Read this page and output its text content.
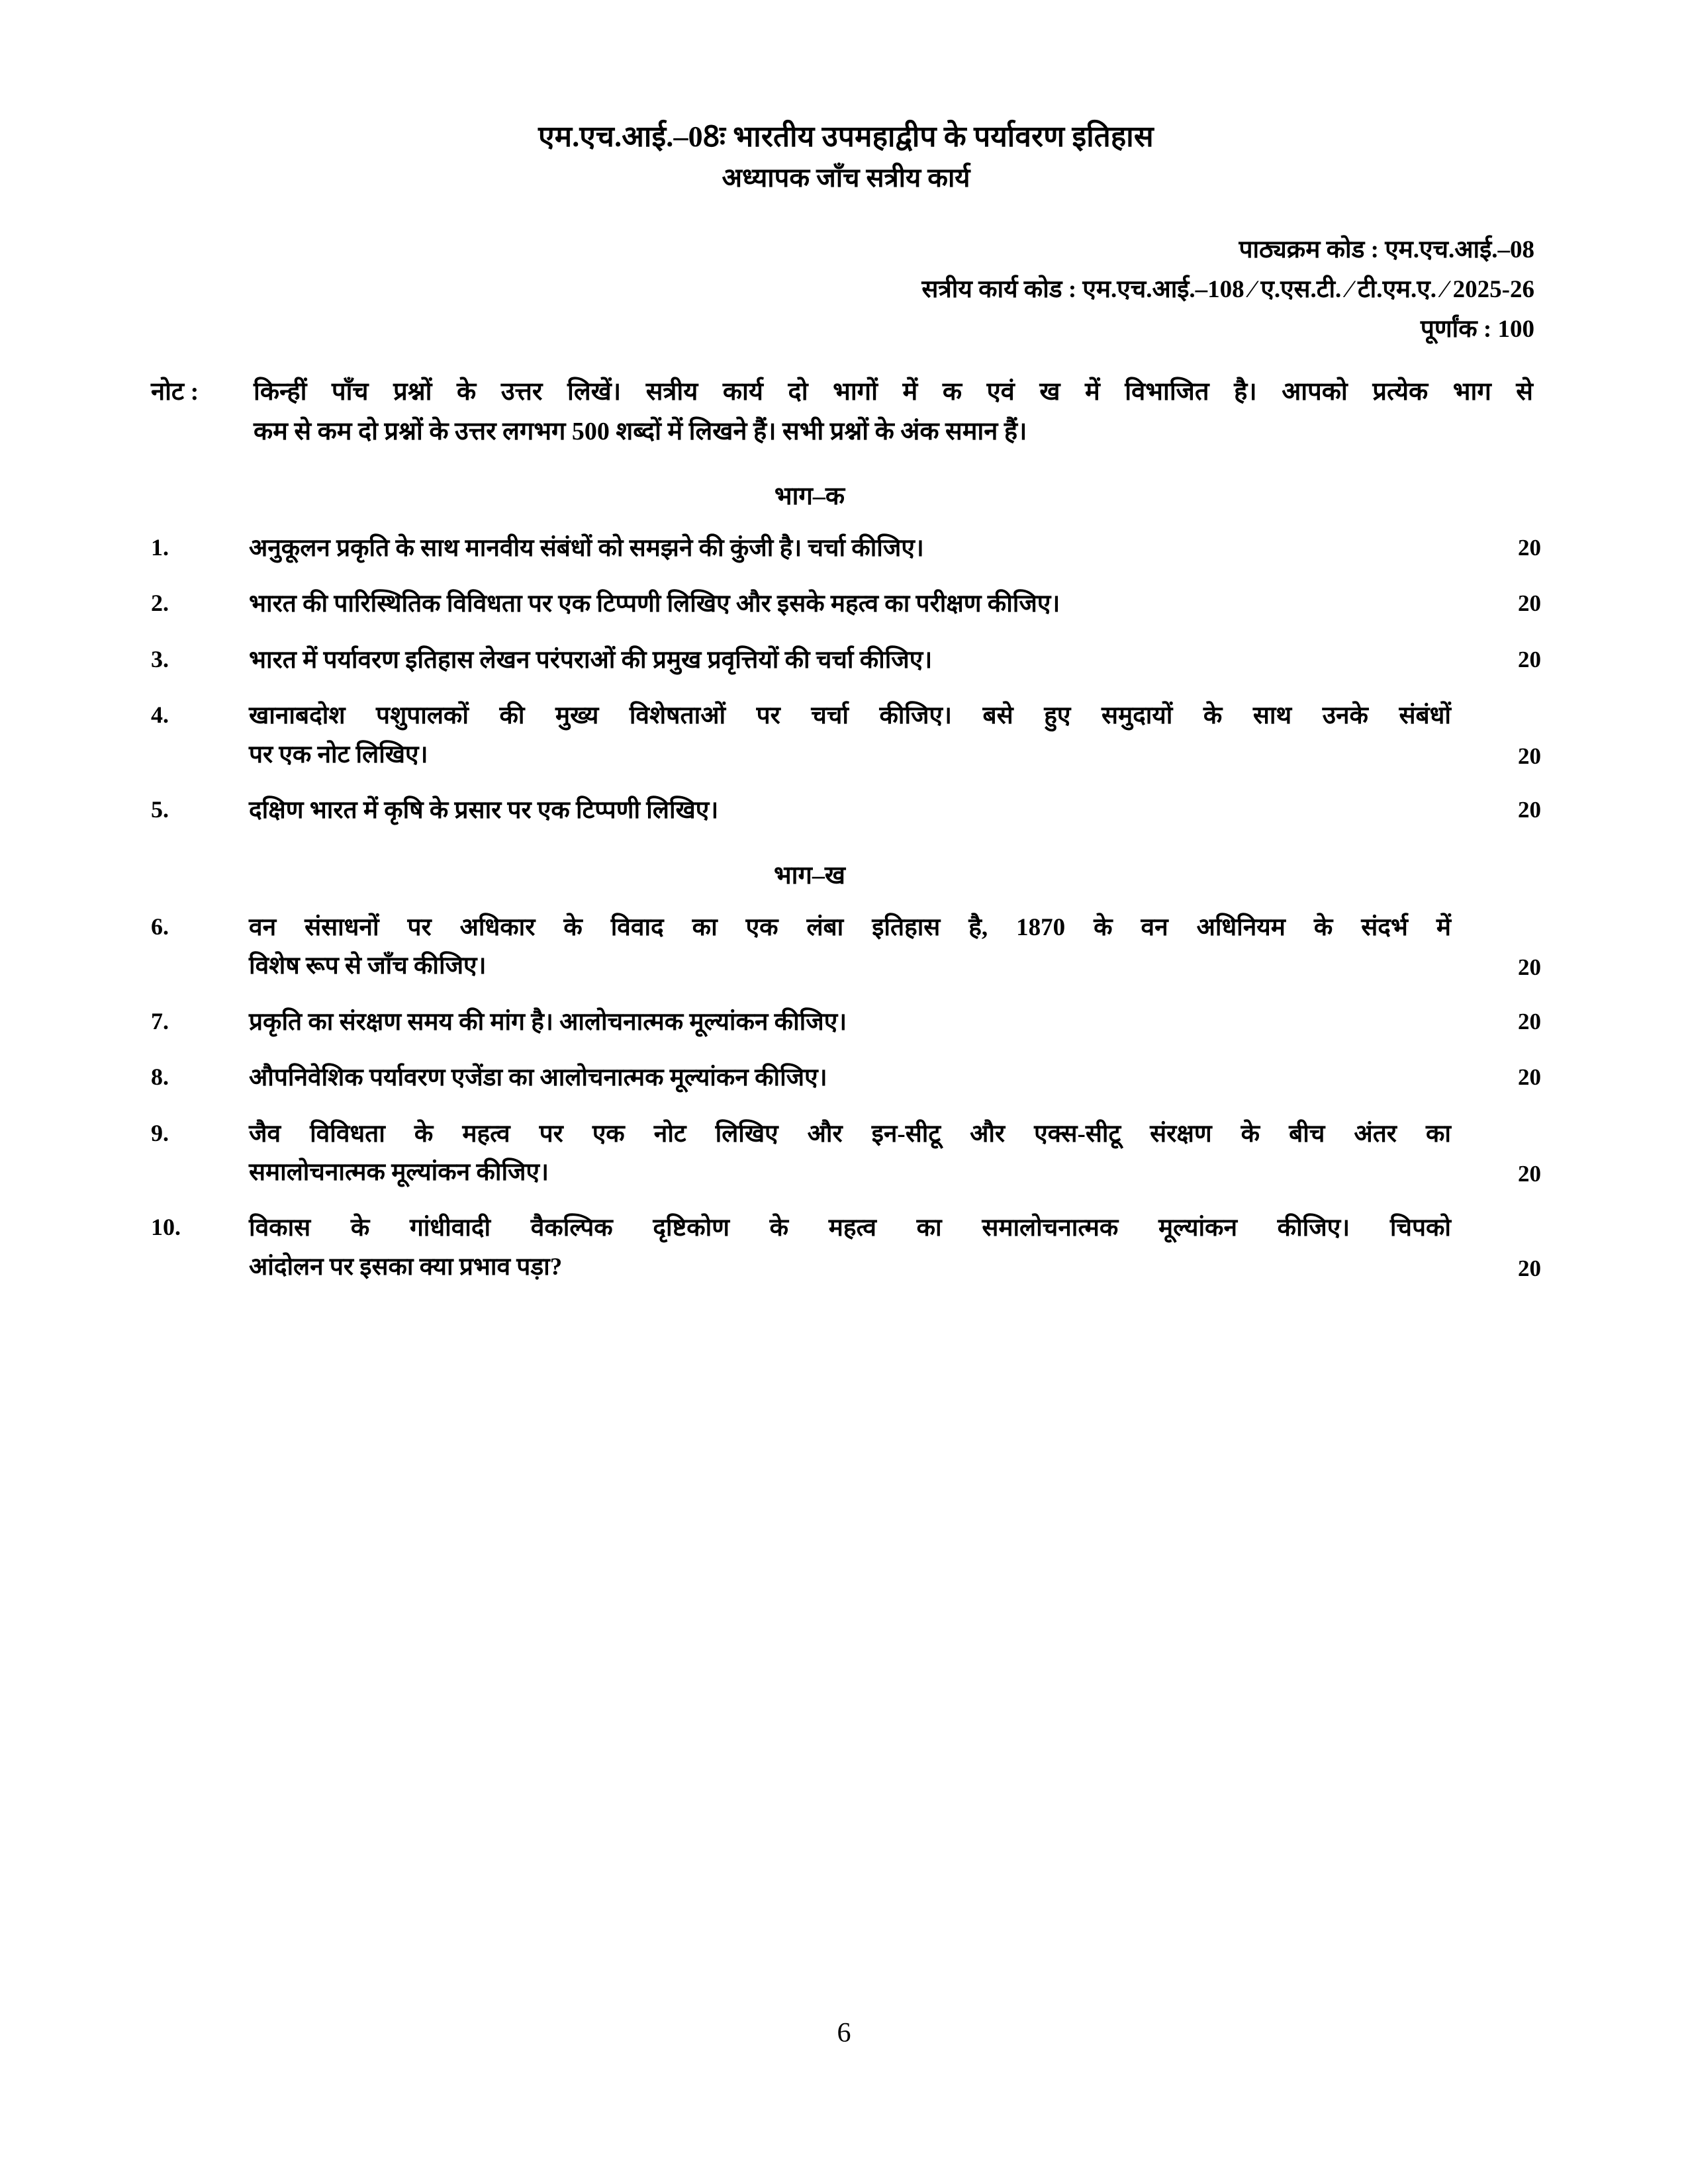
एम.एच.आई.–08ः भारतीय उपमहाद्वीप के पर्यावरण इतिहास
अध्यापक जाँच सत्रीय कार्य
पाठ्यक्रम कोड : एम.एच.आई.–08
सत्रीय कार्य कोड : एम.एच.आई.–108 ⁄ ए.एस.टी. ⁄ टी.एम.ए. ⁄ 2025-26
पूर्णांक : 100
नोट :	किन्हीं पाँच प्रश्नों के उत्तर लिखें। सत्रीय कार्य दो भागों में क एवं ख में विभाजित है। आपको प्रत्येक भाग से
कम से कम दो प्रश्नों के उत्तर लगभग 500 शब्दों में लिखने हैं। सभी प्रश्नों के अंक समान हैं।
भाग–क
1.	अनुकूलन प्रकृति के साथ मानवीय संबंधों को समझने की कुंजी है। चर्चा कीजिए।	20
2.	भारत की पारिस्थितिक विविधता पर एक टिप्पणी लिखिए और इसके महत्व का परीक्षण कीजिए।	20
3.	भारत में पर्यावरण इतिहास लेखन परंपराओं की प्रमुख प्रवृत्तियों की चर्चा कीजिए।	20
4.	खानाबदोश पशुपालकों की मुख्य विशेषताओं पर चर्चा कीजिए। बसे हुए समुदायों के साथ उनके संबंधों
पर एक नोट लिखिए।	20
5.	दक्षिण भारत में कृषि के प्रसार पर एक टिप्पणी लिखिए।	20
भाग–ख
6.	वन संसाधनों पर अधिकार के विवाद का एक लंबा इतिहास है, 1870 के वन अधिनियम के संदर्भ में
विशेष रूप से जाँच कीजिए।	20
7.	प्रकृति का संरक्षण समय की मांग है। आलोचनात्मक मूल्यांकन कीजिए।	20
8.	औपनिवेशिक पर्यावरण एजेंडा का आलोचनात्मक मूल्यांकन कीजिए।	20
9.	जैव विविधता के महत्व पर एक नोट लिखिए और इन-सीटू और एक्स-सीटू संरक्षण के बीच अंतर का
समालोचनात्मक मूल्यांकन कीजिए।	20
10.	विकास के गांधीवादी वैकल्पिक दृष्टिकोण के महत्व का समालोचनात्मक मूल्यांकन कीजिए। चिपको
आंदोलन पर इसका क्या प्रभाव पड़ा?	20
6
